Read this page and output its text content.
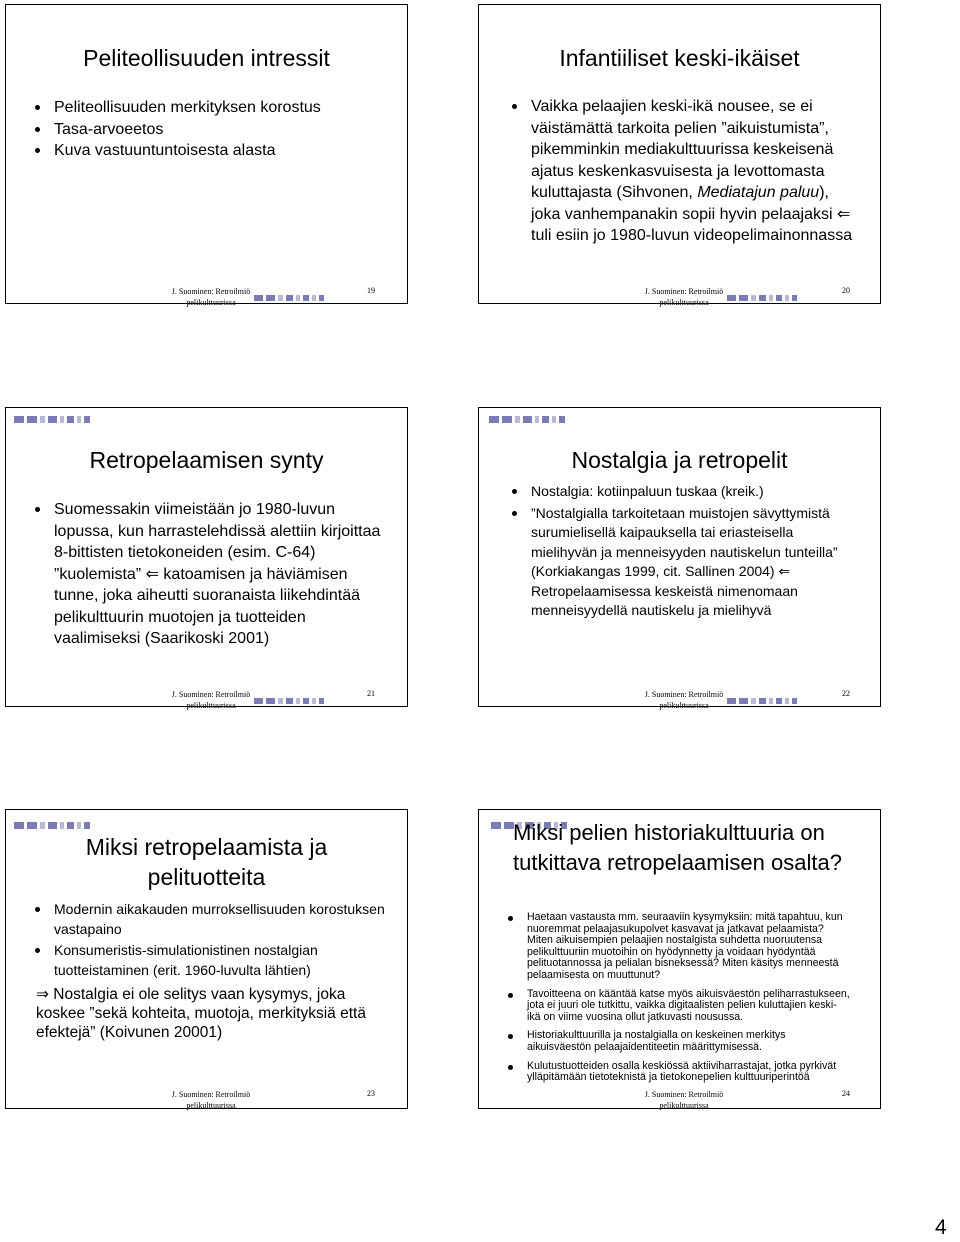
Peliteollisuuden intressit
Peliteollisuuden merkityksen korostus
Tasa-arvoeetos
Kuva vastuuntuntoisesta alasta
J. Suominen: Retroilmiö
pelikulttuurissa
19
Infantiiliset keski-ikäiset
Vaikka pelaajien keski-ikä nousee, se ei väistämättä tarkoita pelien ”aikuistumista”, pikemminkin mediakulttuurissa keskeisenä ajatus keskenkasvuisesta ja levottomasta kuluttajasta (Sihvonen, Mediatajun paluu), joka vanhempanakin sopii hyvin pelaajaksi ⇐ tuli esiin jo 1980-luvun videopelimainonnassa
J. Suominen: Retroilmiö
pelikulttuurissa
20
Retropelaamisen synty
Suomessakin viimeistään jo 1980-luvun lopussa, kun harrastelehdissä alettiin kirjoittaa 8-bittisten tietokoneiden (esim. C-64) ”kuolemista” ⇐ katoamisen ja häviämisen tunne, joka aiheutti suoranaista liikehdintää pelikulttuurin muotojen ja tuotteiden vaalimiseksi (Saarikoski 2001)
J. Suominen: Retroilmiö
pelikulttuurissa
21
Nostalgia ja retropelit
Nostalgia: kotiinpaluun tuskaa (kreik.)
”Nostalgialla tarkoitetaan muistojen sävyttymistä surumielisellä kaipauksella tai eriasteisella mielihyvän ja menneisyyden nautiskelun tunteilla” (Korkiakangas 1999, cit. Sallinen 2004) ⇐ Retropelaamisessa keskeistä nimenomaan menneisyydellä nautiskelu ja mielihyvä
J. Suominen: Retroilmiö
pelikulttuurissa
22
Miksi retropelaamista ja
pelituotteita
Modernin aikakauden murroksellisuuden korostuksen vastapaino
Konsumeristis-simulationistinen nostalgian tuotteistaminen (erit. 1960-luvulta lähtien)
⇒ Nostalgia ei ole selitys vaan kysymys, joka koskee ”sekä kohteita, muotoja, merkityksiä että efektejä” (Koivunen 20001)
J. Suominen: Retroilmiö
pelikulttuurissa
23
Miksi pelien historiakulttuuria on tutkittava retropelaamisen osalta?
Haetaan vastausta mm. seuraaviin kysymyksiin: mitä tapahtuu, kun nuoremmat pelaajasukupolvet kasvavat ja jatkavat pelaamista? Miten aikuisempien pelaajien nostalgista suhdetta nuoruutensa pelikulttuuriin muotoihin on hyödynnetty ja voidaan hyödyntää pelituotannossa ja pelialan bisneksessä? Miten käsitys menneestä pelaamisesta on muuttunut?
Tavoitteena on kääntää katse myös aikuisväestön peliharrastukseen, jota ei juuri ole tutkittu, vaikka digitaalisten pelien kuluttajien keski-ikä on viime vuosina ollut jatkuvasti nousussa.
Historiakulttuurilla ja nostalgialla on keskeinen merkitys aikuisväestön pelaajaidentiteetin määrittymisessä.
Kulutustuotteiden osalla keskiössä aktiiviharrastajat, jotka pyrkivät ylläpitämään tietoteknistä ja tietokonepelien kulttuuriperintöä
J. Suominen: Retroilmiö
pelikulttuurissa
24
4
